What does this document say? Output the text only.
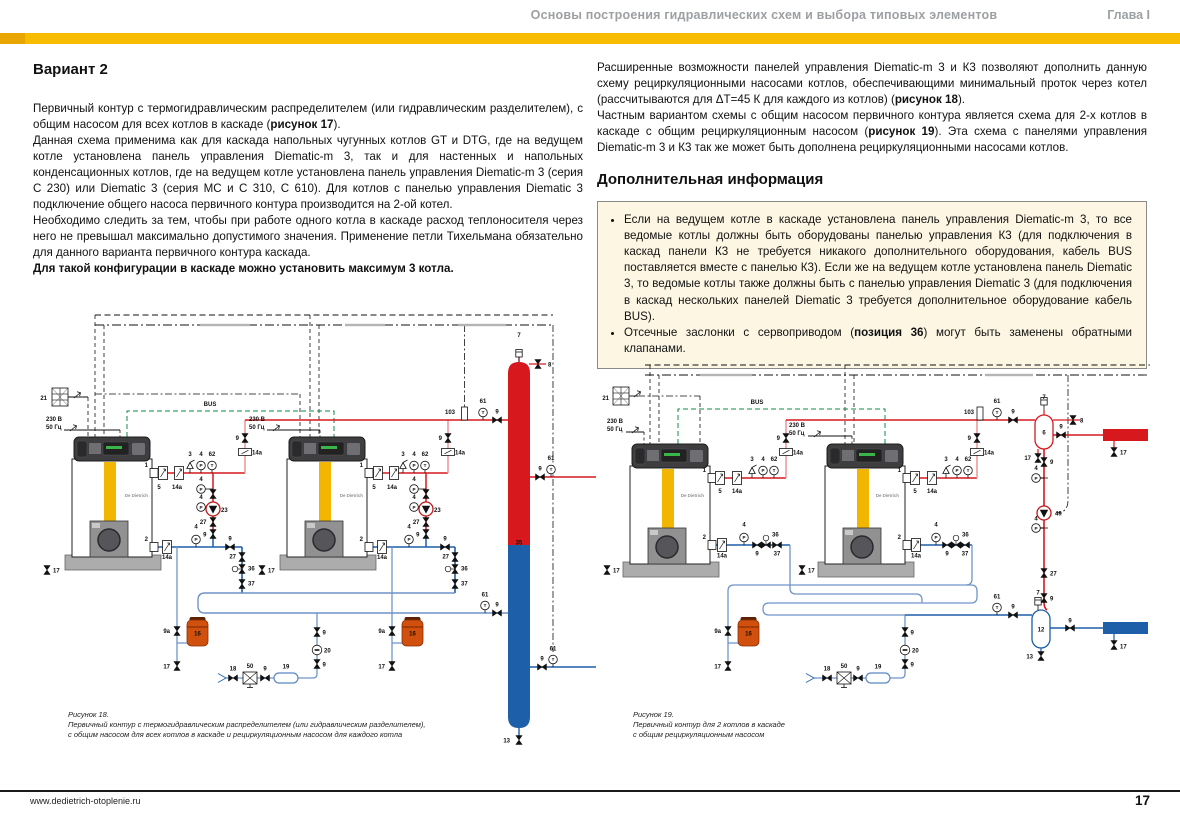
Основы построения гидравлических схем и выбора типовых элементов	Глава I
Вариант 2

Первичный контур с термогидравлическим распределителем (или гидравлическим разделителем), с общим насосом для всех котлов в каскаде (рисунок 17).

Данная схема применима как для каскада напольных чугунных котлов GT и DTG, где на ведущем котле установлена панель управления Diematic-m 3, так и для настенных и напольных конденсационных котлов, где на ведущем котле установлена панель управления Diematic-m 3 (серия С 230) или Diematic 3 (серия МС и С 310, С 610). Для котлов с панелью управления Diematic 3 подключение общего насоса первичного контура производится на 2-ой котел.

Необходимо следить за тем, чтобы при работе одного котла в каскаде расход теплоносителя через него не превышал максимально допустимого значения. Применение петли Тихельмана обязательно для данного варианта первичного контура каскада.

Для такой конфигурации в каскаде можно установить максимум 3 котла.

Расширенные возможности панелей управления Diematic-m 3 и К3 позволяют дополнить данную схему рециркуляционными насосами котлов, обеспечивающими минимальный проток через котел (рассчитываются для ΔТ=45 К для каждого из котлов) (рисунок 18).

Частным вариантом схемы с общим насосом первичного контура является схема для 2-х котлов в каскаде с общим рециркуляционным насосом (рисунок 19). Эта схема с панелями управления Diematic-m 3 и К3 так же может быть дополнена рециркуляционными насосами котлов.

Дополнительная информация
• Если на ведущем котле в каскаде установлена панель управления Diematic-m 3, то все ведомые котлы должны быть оборудованы панелью управления К3 (для подключения в каскад панели К3 не требуется никакого дополнительного оборудования, кабель BUS поставляется вместе с панелью К3). Если же на ведущем котле установлена панель Diematic 3, то ведомые котлы также должны быть с панелью управления Diematic 3 (для подключения в каскад нескольких панелей Diematic 3 требуется дополнительное оборудование кабель BUS).
• Отсечные заслонки с сервоприводом (позиция 36) могут быть заменены обратными клапанами.
21
230 В
50 Гц
BUS
230 В
50 Гц
1
5 14а
3 4 62
P Т
9
14а
4
P
4
P
23
27
9
2
14а
4
P	9
27
36
37
17	17
1
5 14а
3 4 62
P Т
9
14а
4
P
4
P
23
27
9
2
14а
4
P	9
27
36
37
103
61
Т 9
7
8
9
61
Т
35
61
Т 9
61
Т
9
13
9а	16
17
9а	16
17
18 50 9	19	9
20
9
De Dietrich	De Dietrich
21
230 В
50 Гц
BUS
230 В
50 Гц
1
5 14а
3 4 62
P Т
9
14а
2
14а
4
P
9
36
37
17
1
5 14а
3 4 62
P Т
9
14а
2
14а
4
P
9
36
37
17
103
61
Т 9
7
6
8
9
17
9
17
4
P
49
4
P
27
9
7
12
13
9
17
61
Т 9
9а	16
17	18 50 9 19	9
20
9
De Dietrich	De Dietrich
Рисунок 18.
Первичный контур с термогидравлическим распределителем (или гидравлическим разделителем),
с общим насосом для всех котлов в каскаде и рециркуляционным насосом для каждого котла
Рисунок 19.
Первичный контур для 2 котлов в каскаде
с общим рециркуляционным насосом
www.dedietrich-otoplenie.ru	17
